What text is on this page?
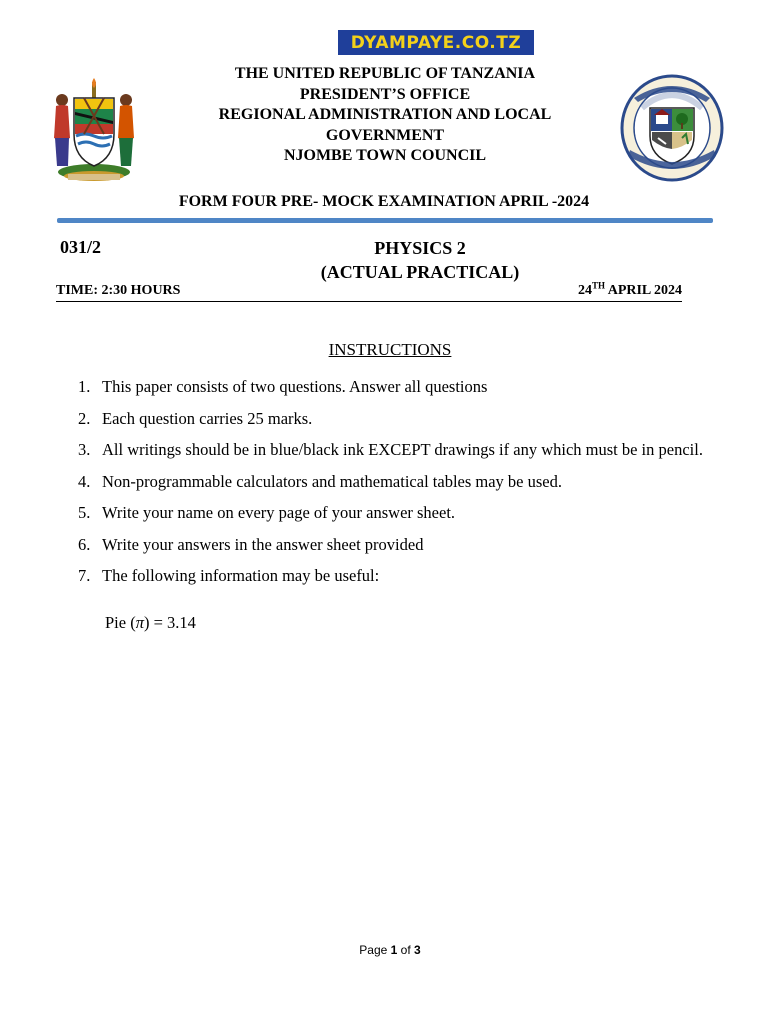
DYAMPAYE.CO.TZ
THE UNITED REPUBLIC OF TANZANIA
PRESIDENT’S OFFICE
REGIONAL ADMINISTRATION AND LOCAL
GOVERNMENT
NJOMBE TOWN COUNCIL
FORM FOUR PRE- MOCK EXAMINATION APRIL -2024
031/2	PHYSICS 2
(ACTUAL PRACTICAL)
TIME: 2:30 HOURS	24TH APRIL 2024
INSTRUCTIONS
1. This paper consists of two questions. Answer all questions
2. Each question carries 25 marks.
3. All writings should be in blue/black ink EXCEPT drawings if any which must be in pencil.
4. Non-programmable calculators and mathematical tables may be used.
5. Write your name on every page of your answer sheet.
6. Write your answers in the answer sheet provided
7. The following information may be useful:
Pie (π) = 3.14
Page 1 of 3
